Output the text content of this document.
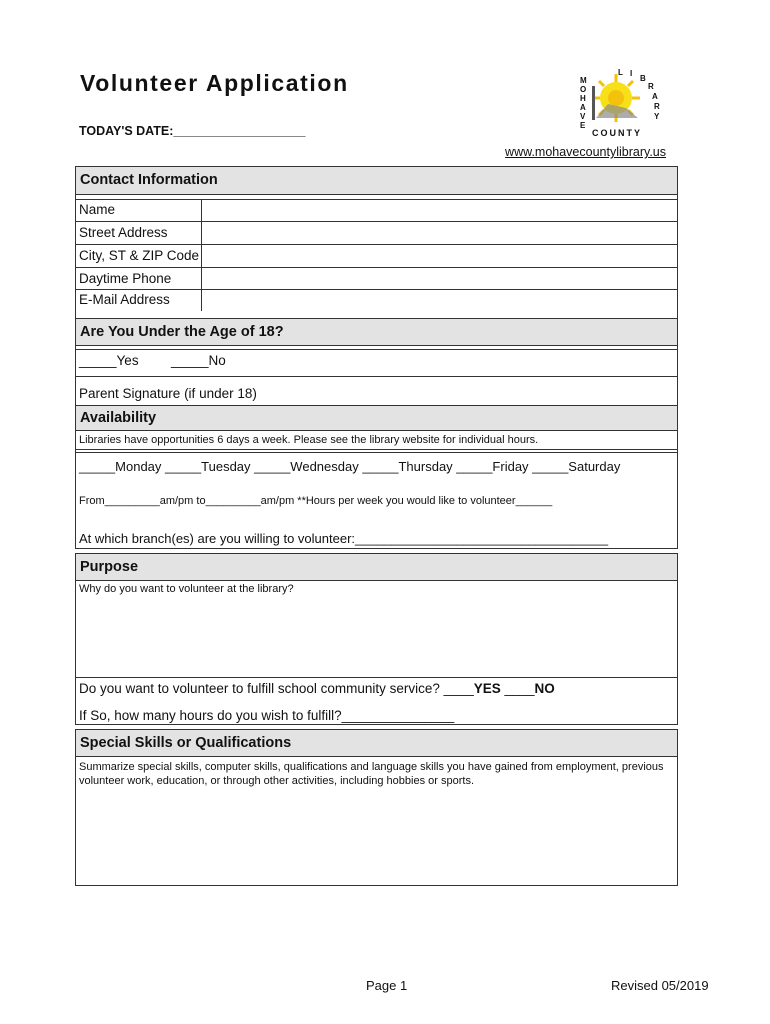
Volunteer Application
TODAY'S DATE:___________________
www.mohavecountylibrary.us
M
O
H
A
V
E
L I
B
R
A
R
Y
COUNTY
Contact Information
Name
Street Address
City, ST & ZIP Code
Daytime Phone
E-Mail Address
Are You Under the Age of 18?
_____Yes _____No
Parent Signature (if under 18)
Availability
Libraries have opportunities 6 days a week. Please see the library website for individual hours.
_____Monday _____Tuesday _____Wednesday _____Thursday _____Friday _____Saturday
From_________am/pm to_________am/pm **Hours per week you would like to volunteer______
At which branch(es) are you willing to volunteer:___________________________________
Purpose
Why do you want to volunteer at the library?
Do you want to volunteer to fulfill school community service? ____YES ____NO
If So, how many hours do you wish to fulfill?_______________
Special Skills or Qualifications
Summarize special skills, computer skills, qualifications and language skills you have gained from employment, previous volunteer work, education, or through other activities, including hobbies or sports.
Page 1	Revised 05/2019
